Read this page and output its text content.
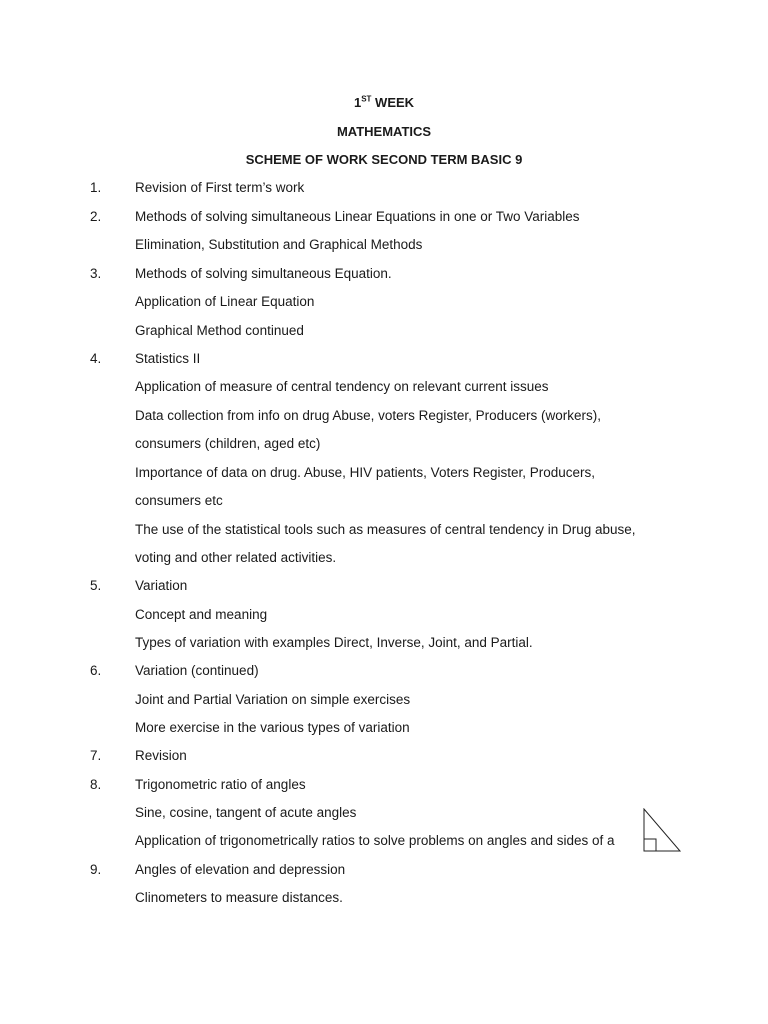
1ST WEEK
MATHEMATICS
SCHEME OF WORK SECOND TERM BASIC 9
1. Revision of First term’s work
2. Methods of solving simultaneous Linear Equations in one or Two Variables
Elimination, Substitution and Graphical Methods
3. Methods of solving simultaneous Equation.
Application of Linear Equation
Graphical Method continued
4. Statistics II
Application of measure of central tendency on relevant current issues
Data collection from info on drug Abuse, voters Register, Producers (workers),
consumers (children, aged etc)
Importance of data on drug. Abuse, HIV patients, Voters Register, Producers,
consumers etc
The use of the statistical tools such as measures of central tendency in Drug abuse,
voting and other related activities.
5. Variation
Concept and meaning
Types of variation with examples Direct, Inverse, Joint, and Partial.
6. Variation (continued)
Joint and Partial Variation on simple exercises
More exercise in the various types of variation
7. Revision
8. Trigonometric ratio of angles
Sine, cosine, tangent of acute angles
Application of trigonometrically ratios to solve problems on angles and sides of a
9. Angles of elevation and depression
Clinometers to measure distances.
